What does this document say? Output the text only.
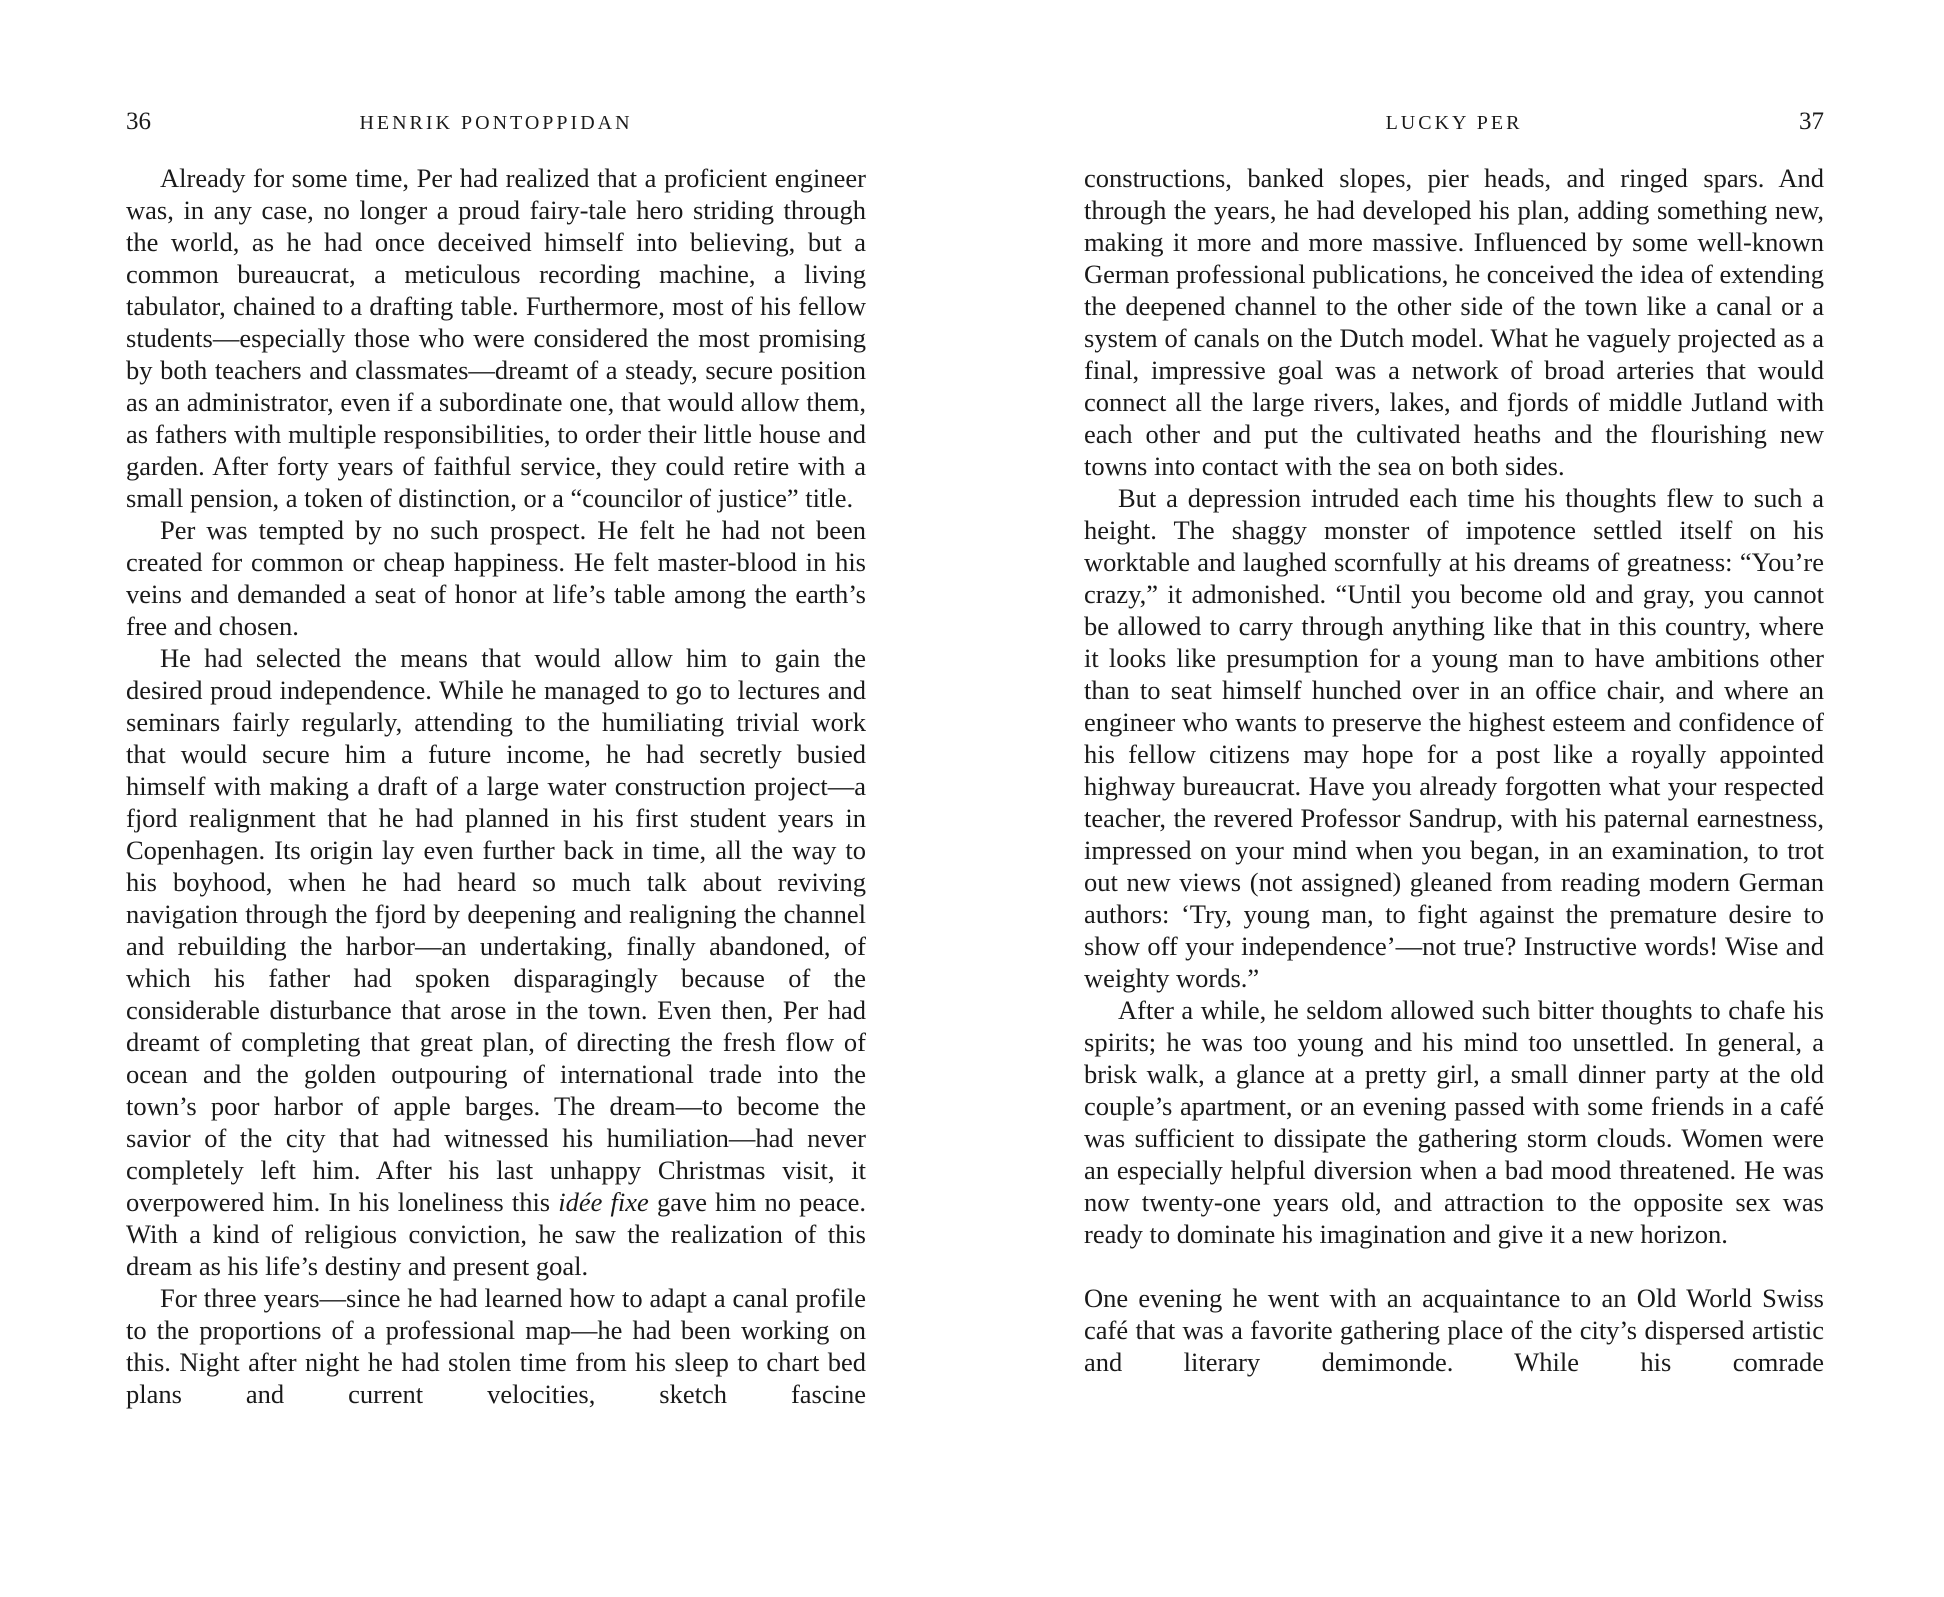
36	HENRIK PONTOPPIDAN

Already for some time, Per had realized that a proficient engineer was, in any case, no longer a proud fairy-tale hero striding through the world, as he had once deceived himself into believing, but a common bureaucrat, a meticulous recording machine, a living tabulator, chained to a drafting table. Furthermore, most of his fellow students—especially those who were considered the most promising by both teachers and classmates—dreamt of a steady, secure position as an administrator, even if a subordinate one, that would allow them, as fathers with multiple responsibilities, to order their little house and garden. After forty years of faithful service, they could retire with a small pension, a token of distinction, or a “councilor of justice” title.

Per was tempted by no such prospect. He felt he had not been created for common or cheap happiness. He felt master-blood in his veins and demanded a seat of honor at life’s table among the earth’s free and chosen.

He had selected the means that would allow him to gain the desired proud independence. While he managed to go to lectures and seminars fairly regularly, attending to the humiliating trivial work that would secure him a future income, he had secretly busied himself with making a draft of a large water construction project—a fjord realignment that he had planned in his first student years in Copenhagen. Its origin lay even further back in time, all the way to his boyhood, when he had heard so much talk about reviving navigation through the fjord by deepening and realigning the channel and rebuilding the harbor—an undertaking, finally abandoned, of which his father had spoken disparagingly because of the considerable disturbance that arose in the town. Even then, Per had dreamt of completing that great plan, of directing the fresh flow of ocean and the golden outpouring of international trade into the town’s poor harbor of apple barges. The dream—to become the savior of the city that had witnessed his humiliation—had never completely left him. After his last unhappy Christmas visit, it overpowered him. In his loneliness this idée fixe gave him no peace. With a kind of religious conviction, he saw the realization of this dream as his life’s destiny and present goal.

For three years—since he had learned how to adapt a canal profile to the proportions of a professional map—he had been working on this. Night after night he had stolen time from his sleep to chart bed plans and current velocities, sketch fascine

LUCKY PER	37

constructions, banked slopes, pier heads, and ringed spars. And through the years, he had developed his plan, adding something new, making it more and more massive. Influenced by some well-known German professional publications, he conceived the idea of extending the deepened channel to the other side of the town like a canal or a system of canals on the Dutch model. What he vaguely projected as a final, impressive goal was a network of broad arteries that would connect all the large rivers, lakes, and fjords of middle Jutland with each other and put the cultivated heaths and the flourishing new towns into contact with the sea on both sides.

But a depression intruded each time his thoughts flew to such a height. The shaggy monster of impotence settled itself on his worktable and laughed scornfully at his dreams of greatness: “You’re crazy,” it admonished. “Until you become old and gray, you cannot be allowed to carry through anything like that in this country, where it looks like presumption for a young man to have ambitions other than to seat himself hunched over in an office chair, and where an engineer who wants to preserve the highest esteem and confidence of his fellow citizens may hope for a post like a royally appointed highway bureaucrat. Have you already forgotten what your respected teacher, the revered Professor Sandrup, with his paternal earnestness, impressed on your mind when you began, in an examination, to trot out new views (not assigned) gleaned from reading modern German authors: ‘Try, young man, to fight against the premature desire to show off your independence’—not true? Instructive words! Wise and weighty words.”

After a while, he seldom allowed such bitter thoughts to chafe his spirits; he was too young and his mind too unsettled. In general, a brisk walk, a glance at a pretty girl, a small dinner party at the old couple’s apartment, or an evening passed with some friends in a café was sufficient to dissipate the gathering storm clouds. Women were an especially helpful diversion when a bad mood threatened. He was now twenty-one years old, and attraction to the opposite sex was ready to dominate his imagination and give it a new horizon.

One evening he went with an acquaintance to an Old World Swiss café that was a favorite gathering place of the city’s dispersed artistic and literary demimonde. While his comrade
